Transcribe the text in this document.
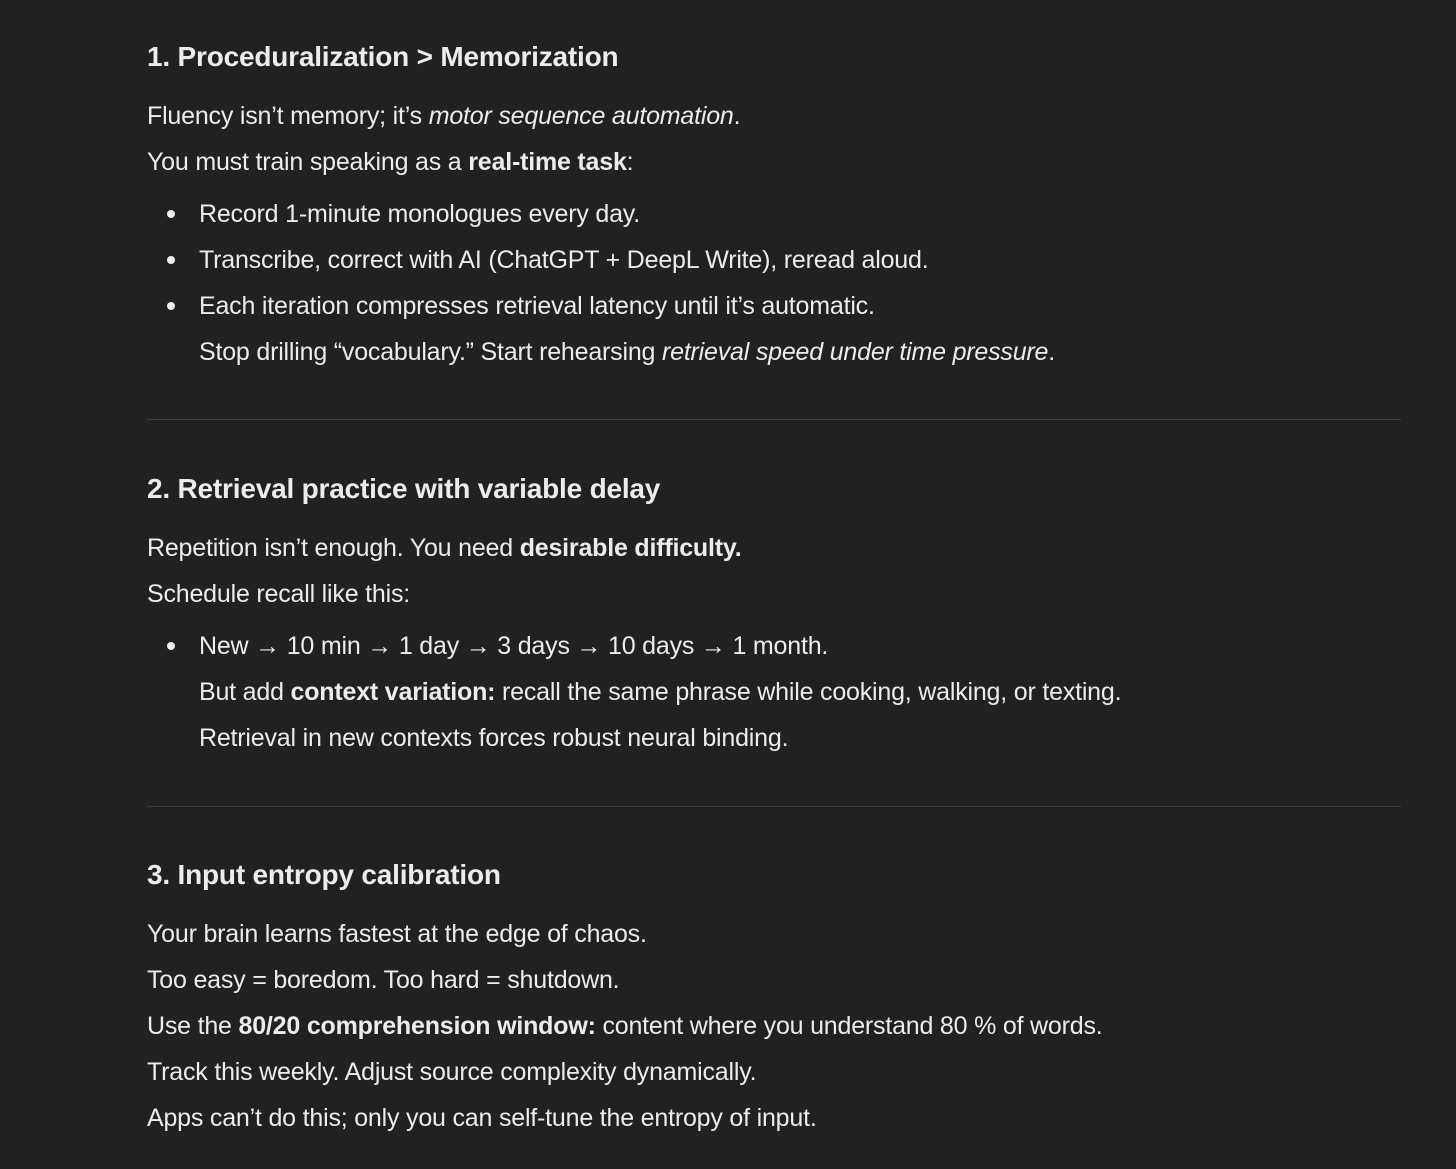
1. Proceduralization > Memorization

Fluency isn’t memory; it’s motor sequence automation.

You must train speaking as a real-time task:

Record 1-minute monologues every day.
Transcribe, correct with AI (ChatGPT + DeepL Write), reread aloud.
Each iteration compresses retrieval latency until it’s automatic.
Stop drilling “vocabulary.” Start rehearsing retrieval speed under time pressure.
2. Retrieval practice with variable delay

Repetition isn’t enough. You need desirable difficulty.

Schedule recall like this:

New → 10 min → 1 day → 3 days → 10 days → 1 month.
But add context variation: recall the same phrase while cooking, walking, or texting.
Retrieval in new contexts forces robust neural binding.
3. Input entropy calibration

Your brain learns fastest at the edge of chaos.

Too easy = boredom. Too hard = shutdown.

Use the 80/20 comprehension window: content where you understand 80 % of words.

Track this weekly. Adjust source complexity dynamically.

Apps can’t do this; only you can self-tune the entropy of input.
